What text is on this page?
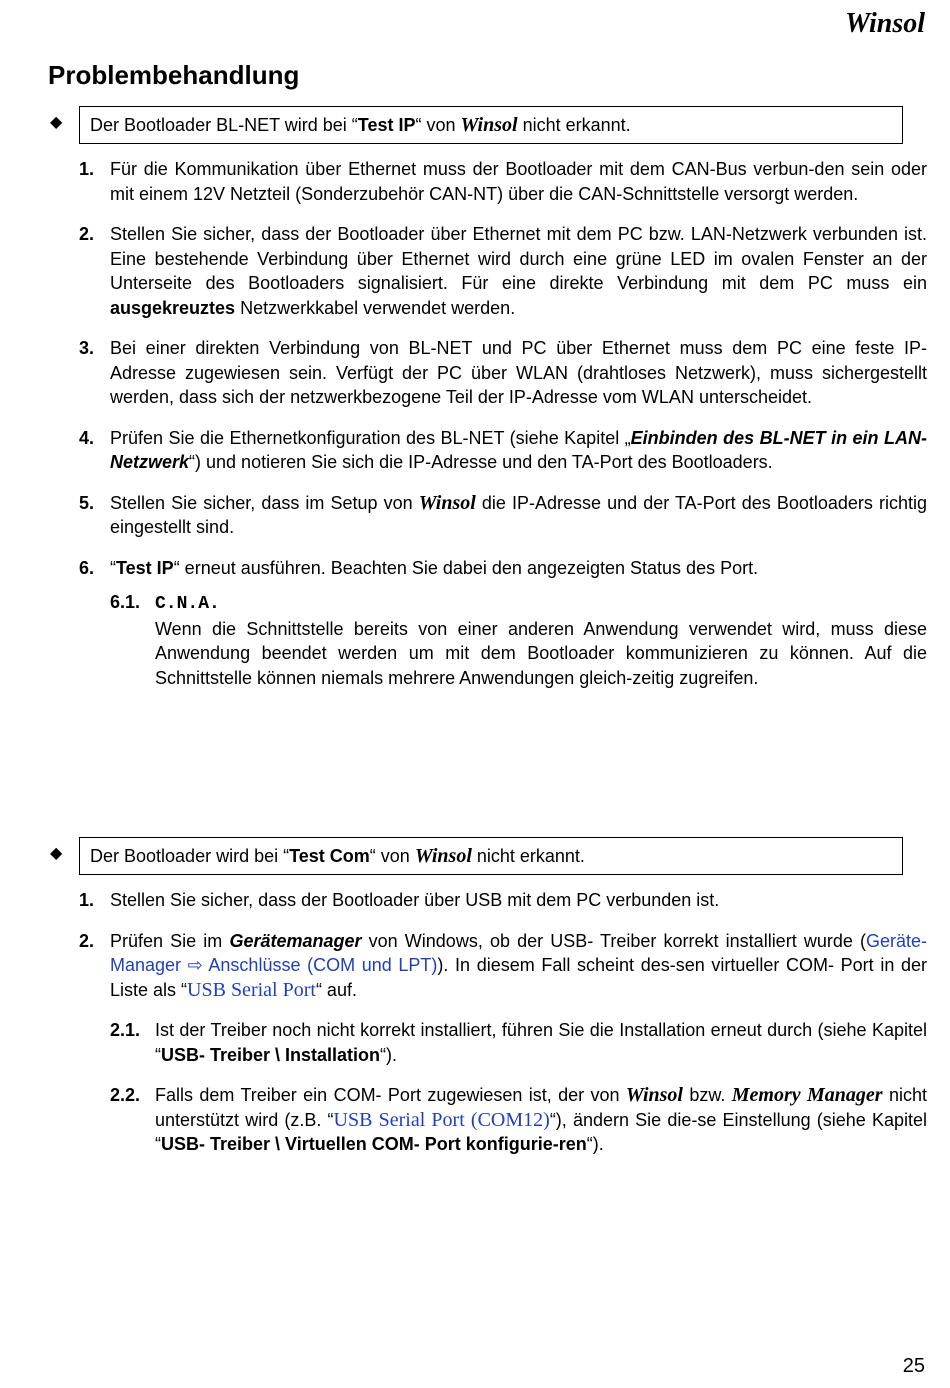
Winsol
Problembehandlung
◆	Der Bootloader BL-NET wird bei “Test IP“ von Winsol nicht erkannt.
1. Für die Kommunikation über Ethernet muss der Bootloader mit dem CAN-Bus verbun-den sein oder mit einem 12V Netzteil (Sonderzubehör CAN-NT) über die CAN-Schnittstelle versorgt werden.
2. Stellen Sie sicher, dass der Bootloader über Ethernet mit dem PC bzw. LAN-Netzwerk verbunden ist. Eine bestehende Verbindung über Ethernet wird durch eine grüne LED im ovalen Fenster an der Unterseite des Bootloaders signalisiert. Für eine direkte Verbindung mit dem PC muss ein ausgekreuztes Netzwerkkabel verwendet werden.
3. Bei einer direkten Verbindung von BL-NET und PC über Ethernet muss dem PC eine feste IP- Adresse zugewiesen sein. Verfügt der PC über WLAN (drahtloses Netzwerk), muss sichergestellt werden, dass sich der netzwerkbezogene Teil der IP-Adresse vom WLAN unterscheidet.
4. Prüfen Sie die Ethernetkonfiguration des BL-NET (siehe Kapitel „Einbinden des BL-NET in ein LAN-Netzwerk“) und notieren Sie sich die IP-Adresse und den TA-Port des Bootloaders.
5. Stellen Sie sicher, dass im Setup von Winsol die IP-Adresse und der TA-Port des Bootloaders richtig eingestellt sind.
6. “Test IP“ erneut ausführen. Beachten Sie dabei den angezeigten Status des Port.
6.1. C.N.A.
Wenn die Schnittstelle bereits von einer anderen Anwendung verwendet wird, muss diese Anwendung beendet werden um mit dem Bootloader kommunizieren zu können. Auf die Schnittstelle können niemals mehrere Anwendungen gleich-zeitig zugreifen.
◆	Der Bootloader wird bei “Test Com“ von Winsol nicht erkannt.
1. Stellen Sie sicher, dass der Bootloader über USB mit dem PC verbunden ist.
2. Prüfen Sie im Gerätemanager von Windows, ob der USB- Treiber korrekt installiert wurde (Geräte-Manager ⇨ Anschlüsse (COM und LPT)). In diesem Fall scheint des-sen virtueller COM- Port in der Liste als “USB Serial Port“ auf.
2.1. Ist der Treiber noch nicht korrekt installiert, führen Sie die Installation erneut durch (siehe Kapitel “USB- Treiber \ Installation“).
2.2. Falls dem Treiber ein COM- Port zugewiesen ist, der von Winsol bzw. Memory Manager nicht unterstützt wird (z.B. “USB Serial Port (COM12)“), ändern Sie die-se Einstellung (siehe Kapitel “USB- Treiber \ Virtuellen COM- Port konfigurie-ren“).
25
